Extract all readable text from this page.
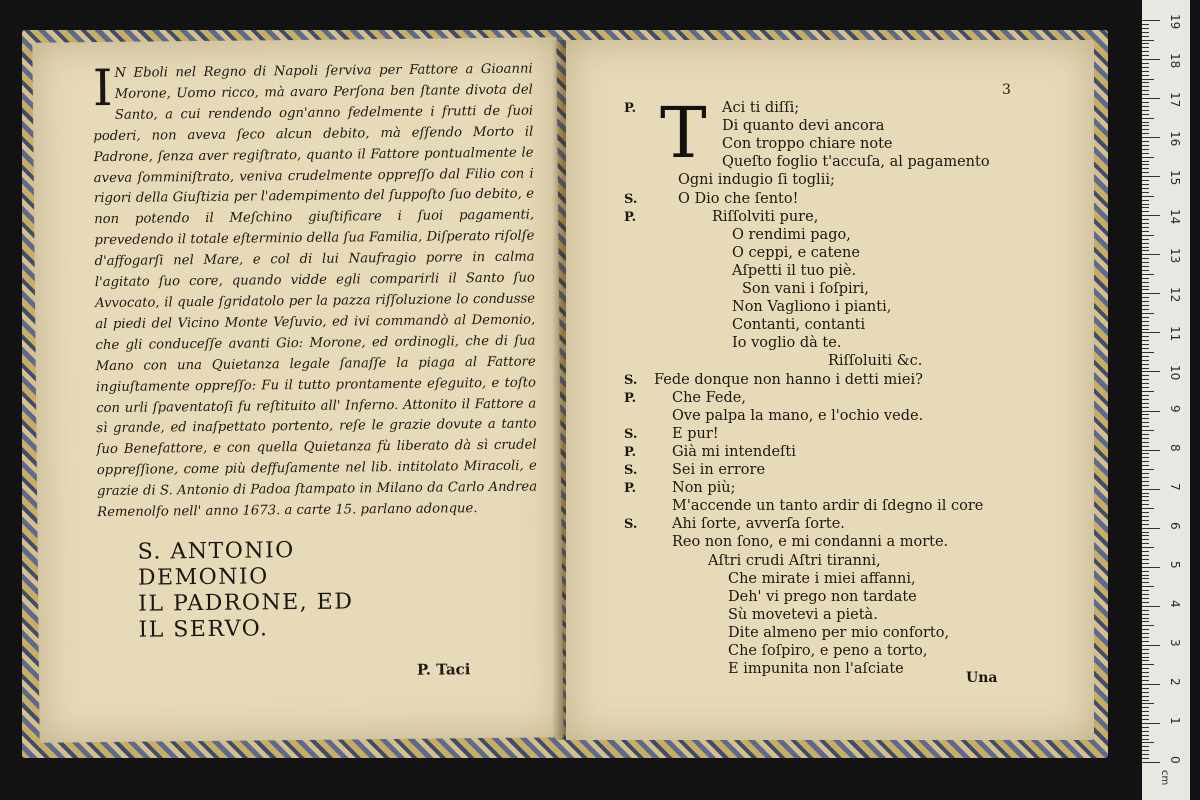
I N Eboli nel Regno di Napoli ſerviva per Fattore a Gioanni Morone, Uomo ricco, mà avaro Perſona ben ſtante divota del Santo, a cui rendendo ogn'anno fedelmente i frutti de ſuoi poderi, non aveva ſeco alcun debito, mà eſſendo Morto il Padrone, ſenza aver regiſtrato, quanto il Fattore pontualmente le aveva ſomminiſtrato, veniva crudelmente oppreſſo dal Filio con i rigori della Giuſtizia per l'adempimento del ſuppoſto ſuo debito, e non potendo il Meſchino giuſtificare i ſuoi pagamenti, prevedendo il totale eſterminio della ſua Familia, Diſperato riſolſe d'affogarſi nel Mare, e col di lui Naufragio porre in calma l'agitato ſuo core, quando vidde egli comparirli il Santo ſuo Avvocato, il quale ſgridatolo per la pazza riſſoluzione lo condusse al piedi del Vicino Monte Veſuvio, ed ivi commandò al Demonio, che gli conduceſſe avanti Gio: Morone, ed ordinogli, che di ſua Mano con una Quietanza legale ſanaſſe la piaga al Fattore ingiuſtamente oppreſſo: Fu il tutto prontamente eſeguito, e toſto con urli ſpaventatoſi fu reſtituito all' Inferno. Attonito il Fattore a sì grande, ed inaſpettato portento, reſe le grazie dovute a tanto ſuo Benefattore, e con quella Quietanza fù liberato dà sì crudel oppreſſione, come più deffuſamente nel lib. intitolato Miracoli, e grazie di S. Antonio di Padoa ſtampato in Milano da Carlo Andrea Remenolfo nell' anno 1673. a carte 15. parlano adonque.

S. ANTONIO
DEMONIO
IL PADRONE, ED
IL SERVO.
P. Taci
3
T
P.	Aci ti diſſi;
Di quanto devi ancora
Con troppo chiare note
Queſto foglio t'accuſa, al pagamento
Ogni indugio ſi toglii;
S.	O Dio che ſento!
P.	Riſſolviti pure,
O rendimi pago,
O ceppi, e catene
Aſpetti il tuo piè.
Son vani i ſoſpiri,
Non Vagliono i pianti,
Contanti, contanti
Io voglio dà te.
Riſſoluiti &c.
S. Fede donque non hanno i detti miei?
P. Che Fede,
Ove palpa la mano, e l'ochio vede.
S. E pur!
P. Già mi intendeſti
S. Sei in errore
P. Non più;
M'accende un tanto ardir di ſdegno il core
S. Ahi ſorte, avverſa ſorte.
Reo non ſono, e mi condanni a morte.
Aſtri crudi Aſtri tiranni,
Che mirate i miei affanni,
Deh' vi prego non tardate
Sù movetevi a pietà.
Dite almeno per mio conforto,
Che ſoſpiro, e peno a torto,
E impunita non l'aſciate
Una
cm
19
18
17
16
15
14
13
12
11
10
9
8
7
6
5
4
3
2
1
0
